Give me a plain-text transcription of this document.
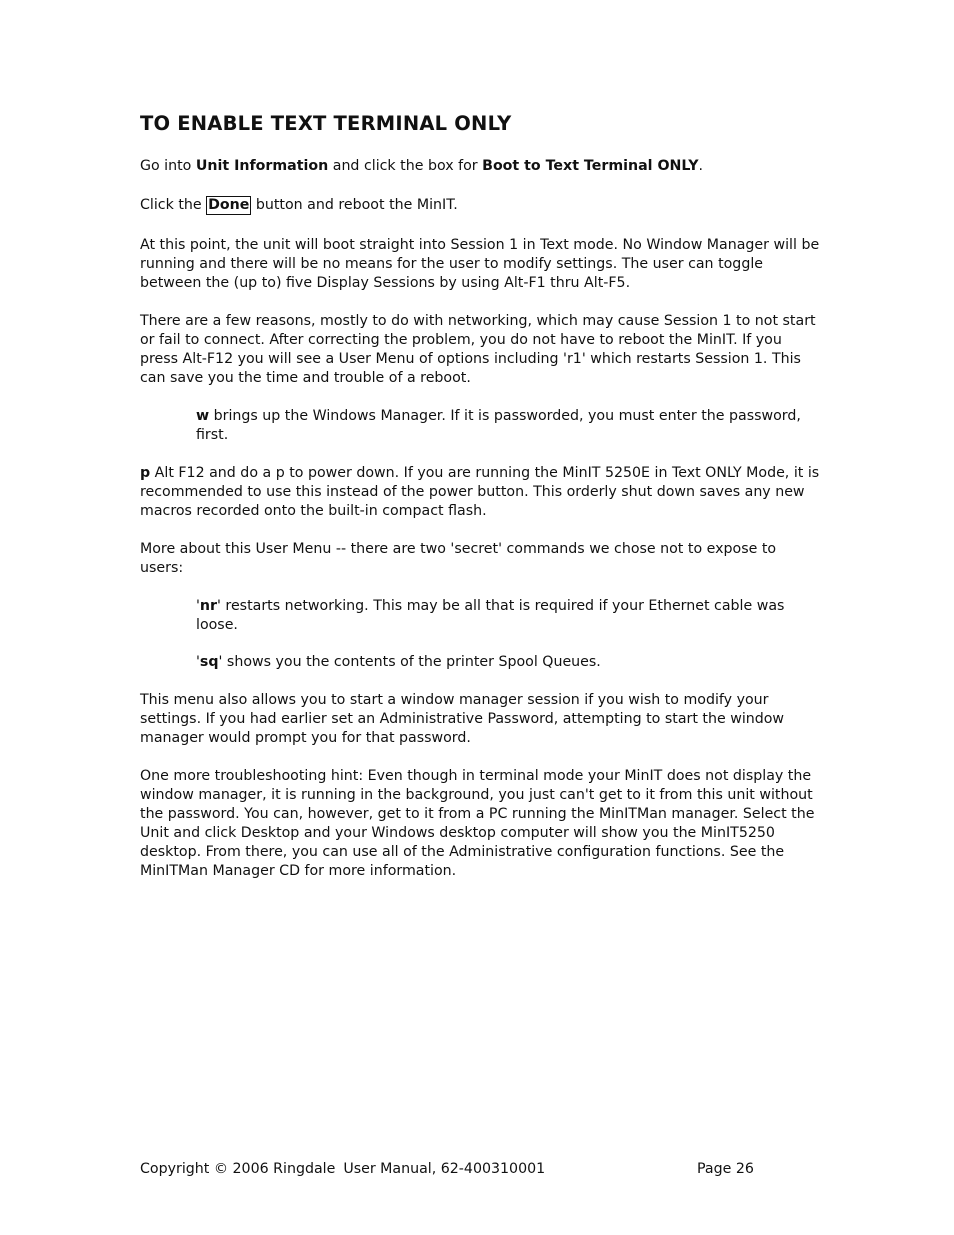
TO ENABLE TEXT TERMINAL ONLY

Go into Unit Information and click the box for Boot to Text Terminal ONLY.

Click the Done button and reboot the MinIT.

At this point, the unit will boot straight into Session 1 in Text mode. No Window Manager will be running and there will be no means for the user to modify settings. The user can toggle between the (up to) five Display Sessions by using Alt-F1 thru Alt-F5.

There are a few reasons, mostly to do with networking, which may cause Session 1 to not start or fail to connect. After correcting the problem, you do not have to reboot the MinIT. If you press Alt-F12 you will see a User Menu of options including 'r1' which restarts Session 1. This can save you the time and trouble of a reboot.

w brings up the Windows Manager. If it is passworded, you must enter the password, first.

p Alt F12 and do a p to power down. If you are running the MinIT 5250E in Text ONLY Mode, it is recommended to use this instead of the power button. This orderly shut down saves any new macros recorded onto the built-in compact flash.

More about this User Menu -- there are two 'secret' commands we chose not to expose to users:

'nr' restarts networking. This may be all that is required if your Ethernet cable was loose.

'sq' shows you the contents of the printer Spool Queues.

This menu also allows you to start a window manager session if you wish to modify your settings. If you had earlier set an Administrative Password, attempting to start the window manager would prompt you for that password.

One more troubleshooting hint: Even though in terminal mode your MinIT does not display the window manager, it is running in the background, you just can't get to it from this unit without the password. You can, however, get to it from a PC running the MinITMan manager. Select the Unit and click Desktop and your Windows desktop computer will show you the MinIT5250 desktop. From there, you can use all of the Administrative configuration functions. See the MinITMan Manager CD for more information.

Copyright © 2006 Ringdale User Manual, 62-400310001	Page 26
